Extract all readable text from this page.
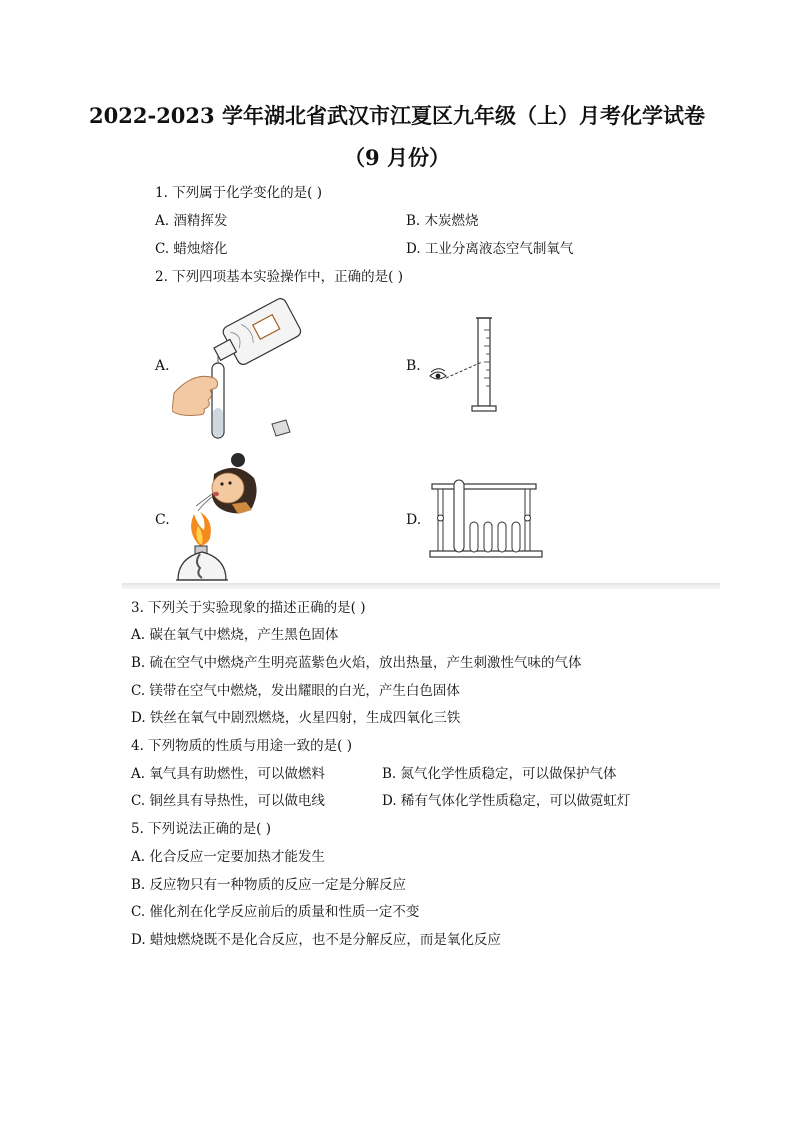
2022-2023 学年湖北省武汉市江夏区九年级（上）月考化学试卷
（9 月份）
1. 下列属于化学变化的是( )
A. 酒精挥发	B. 木炭燃烧
C. 蜡烛熔化	D. 工业分离液态空气制氧气
2. 下列四项基本实验操作中，正确的是( )
A.	B.
C.	D.
3. 下列关于实验现象的描述正确的是( )
A. 碳在氧气中燃烧，产生黑色固体
B. 硫在空气中燃烧产生明亮蓝紫色火焰，放出热量，产生刺激性气味的气体
C. 镁带在空气中燃烧，发出耀眼的白光，产生白色固体
D. 铁丝在氧气中剧烈燃烧，火星四射，生成四氧化三铁
4. 下列物质的性质与用途一致的是( )
A. 氧气具有助燃性，可以做燃料	B. 氮气化学性质稳定，可以做保护气体
C. 铜丝具有导热性，可以做电线	D. 稀有气体化学性质稳定，可以做霓虹灯
5. 下列说法正确的是( )
A. 化合反应一定要加热才能发生
B. 反应物只有一种物质的反应一定是分解反应
C. 催化剂在化学反应前后的质量和性质一定不变
D. 蜡烛燃烧既不是化合反应，也不是分解反应，而是氧化反应
